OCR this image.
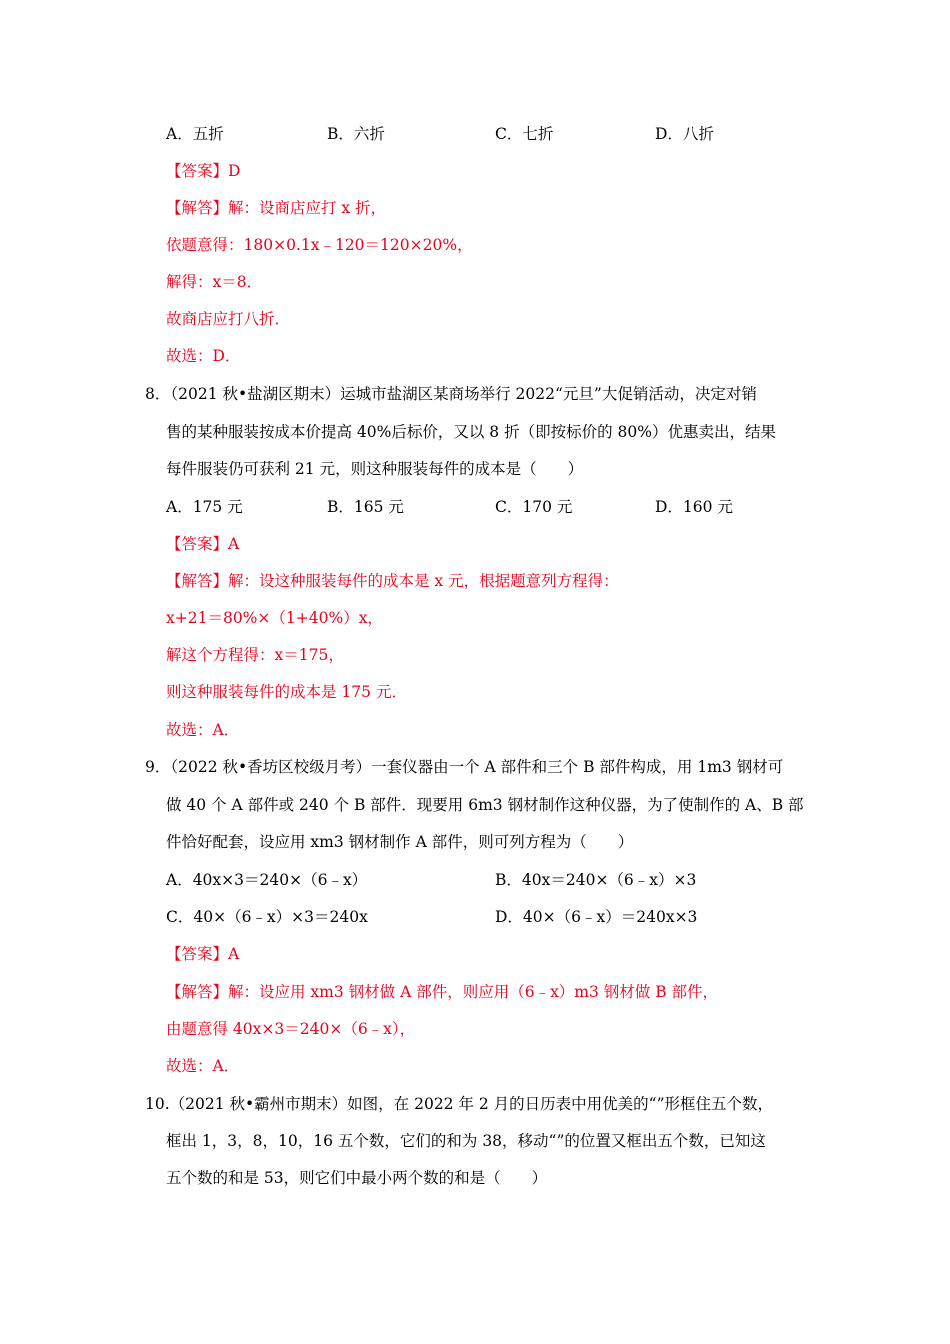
A．五折	B．六折	C．七折	D．八折
【答案】D
【解答】解：设商店应打 x 折，
依题意得：180×0.1x﹣120＝120×20%，
解得：x＝8．
故商店应打八折．
故选：D．
8．（2021 秋•盐湖区期末）运城市盐湖区某商场举行 2022“元旦”大促销活动，决定对销
售的某种服装按成本价提高 40%后标价，又以 8 折（即按标价的 80%）优惠卖出，结果
每件服装仍可获利 21 元，则这种服装每件的成本是（　　）
A．175 元	B．165 元	C．170 元	D．160 元
【答案】A
【解答】解：设这种服装每件的成本是 x 元，根据题意列方程得：
x+21＝80%×（1+40%）x，
解这个方程得：x＝175，
则这种服装每件的成本是 175 元．
故选：A．
9．（2022 秋•香坊区校级月考）一套仪器由一个 A 部件和三个 B 部件构成，用 1m3 钢材可
做 40 个 A 部件或 240 个 B 部件．现要用 6m3 钢材制作这种仪器，为了使制作的 A、B 部
件恰好配套，设应用 xm3 钢材制作 A 部件，则可列方程为（　　）
A．40x×3＝240×（6﹣x）	B．40x＝240×（6﹣x）×3
C．40×（6﹣x）×3＝240x	D．40×（6﹣x）＝240x×3
【答案】A
【解答】解：设应用 xm3 钢材做 A 部件，则应用（6﹣x）m3 钢材做 B 部件，
由题意得 40x×3＝240×（6﹣x），
故选：A．
10.（2021 秋•霸州市期末）如图，在 2022 年 2 月的日历表中用优美的“”形框住五个数，
框出 1，3，8，10，16 五个数，它们的和为 38，移动“”的位置又框出五个数，已知这
五个数的和是 53，则它们中最小两个数的和是（　　）
